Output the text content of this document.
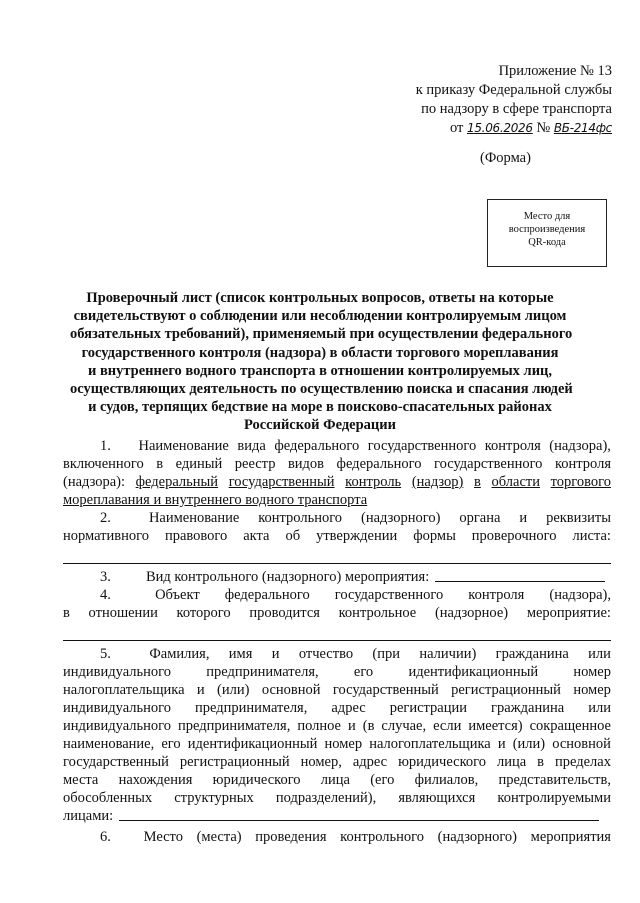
Приложение № 13
к приказу Федеральной службы
по надзору в сфере транспорта
от 15.06.2026 № ВБ-214фс
(Форма)
Место для
воспроизведения
QR-кода
Проверочный лист (список контрольных вопросов, ответы на которые
свидетельствуют о соблюдении или несоблюдении контролируемым лицом
обязательных требований), применяемый при осуществлении федерального
государственного контроля (надзора) в области торгового мореплавания
и внутреннего водного транспорта в отношении контролируемых лиц,
осуществляющих деятельность по осуществлению поиска и спасания людей
и судов, терпящих бедствие на море в поисково-спасательных районах
Российской Федерации
1.	Наименование вида федерального государственного контроля (надзора),
включенного в единый реестр видов федерального государственного контроля
(надзора): федеральный государственный контроль (надзор) в области торгового
мореплавания и внутреннего водного транспорта
2.	Наименование контрольного (надзорного) органа и реквизиты
нормативного правового акта об утверждении формы проверочного листа:
3.	Вид контрольного (надзорного) мероприятия:
4.	Объект федерального государственного контроля (надзора),
в отношении которого проводится контрольное (надзорное) мероприятие:
5.	Фамилия, имя и отчество (при наличии) гражданина или
индивидуального предпринимателя, его идентификационный номер
налогоплательщика и (или) основной государственный регистрационный номер
индивидуального предпринимателя, адрес регистрации гражданина или
индивидуального предпринимателя, полное и (в случае, если имеется) сокращенное
наименование, его идентификационный номер налогоплательщика и (или) основной
государственный регистрационный номер, адрес юридического лица в пределах
места нахождения юридического лица (его филиалов, представительств,
обособленных структурных подразделений), являющихся контролируемыми
лицами:
6.	Место (места) проведения контрольного (надзорного) мероприятия
